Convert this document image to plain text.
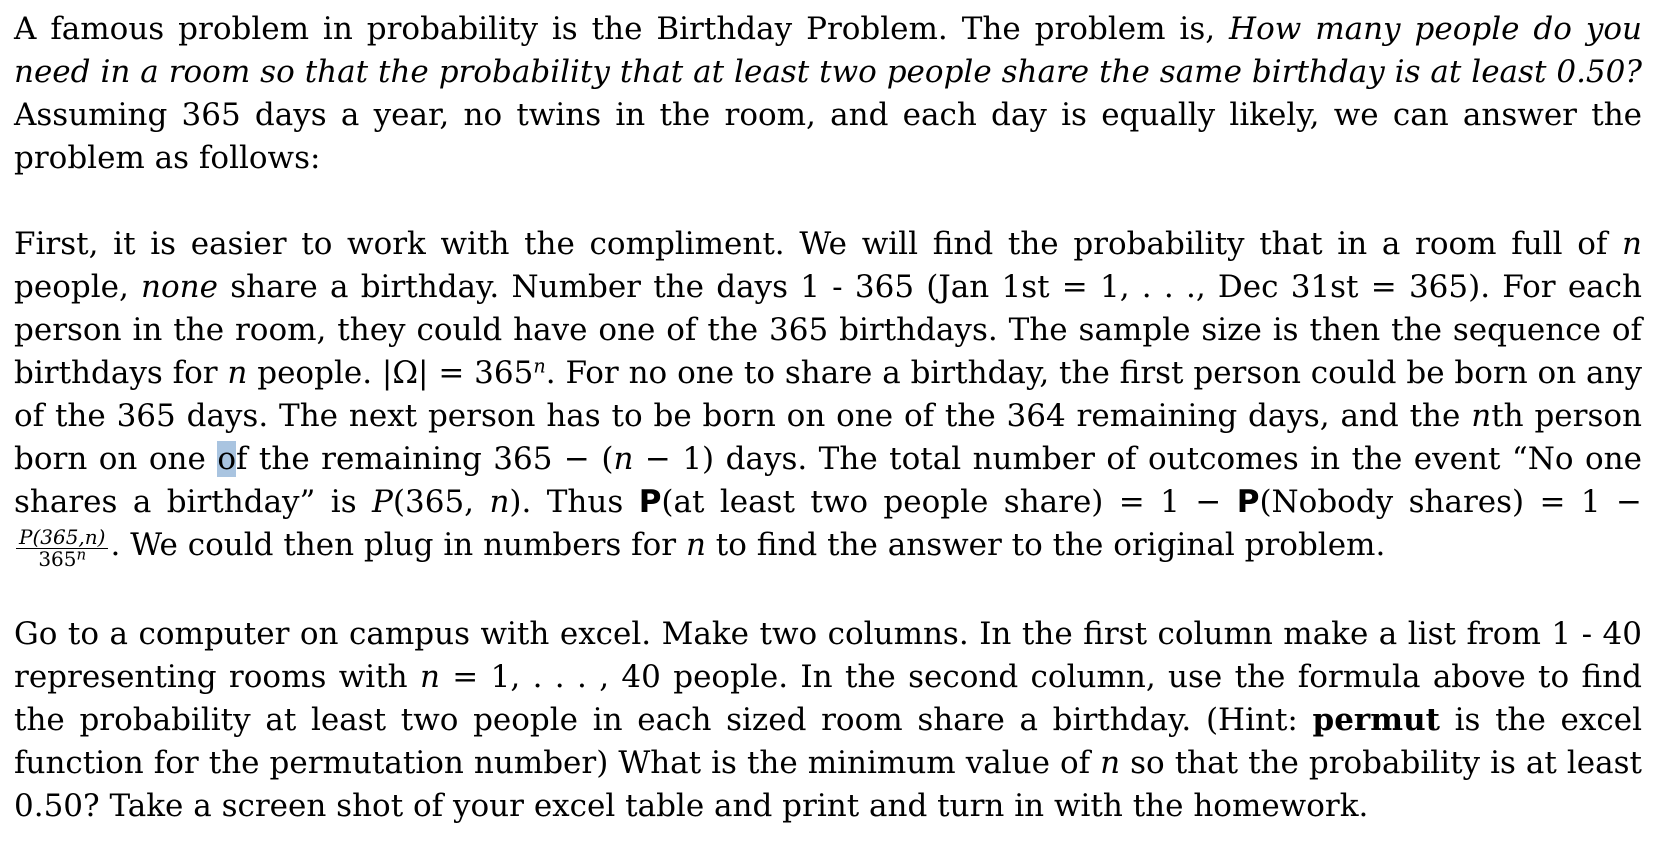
A famous problem in probability is the Birthday Problem. The problem is, How many people do you need in a room so that the probability that at least two people share the same birthday is at least 0.50? Assuming 365 days a year, no twins in the room, and each day is equally likely, we can answer the problem as follows:

First, it is easier to work with the compliment. We will find the probability that in a room full of n people, none share a birthday. Number the days 1 - 365 (Jan 1st = 1, . . ., Dec 31st = 365). For each person in the room, they could have one of the 365 birthdays. The sample size is then the sequence of birthdays for n people. $|\Omega| = 365^n$. For no one to share a birthday, the first person could be born on any of the 365 days. The next person has to be born on one of the 364 remaining days, and the nth person born on one of the remaining 365 − (n − 1) days. The total number of outcomes in the event “No one shares a birthday” is P(365, n). Thus P(at least two people share) = 1 − P(Nobody shares) = 1 −
$\frac{P(365,n)}{365^n}$ . We could then plug in numbers for n to find the answer to the original problem.

Go to a computer on campus with excel. Make two columns. In the first column make a list from 1 - 40 representing rooms with n = 1, . . . , 40 people. In the second column, use the formula above to find the probability at least two people in each sized room share a birthday. (Hint: permut is the excel function for the permutation number) What is the minimum value of n so that the probability is at least 0.50? Take a screen shot of your excel table and print and turn in with the homework.
